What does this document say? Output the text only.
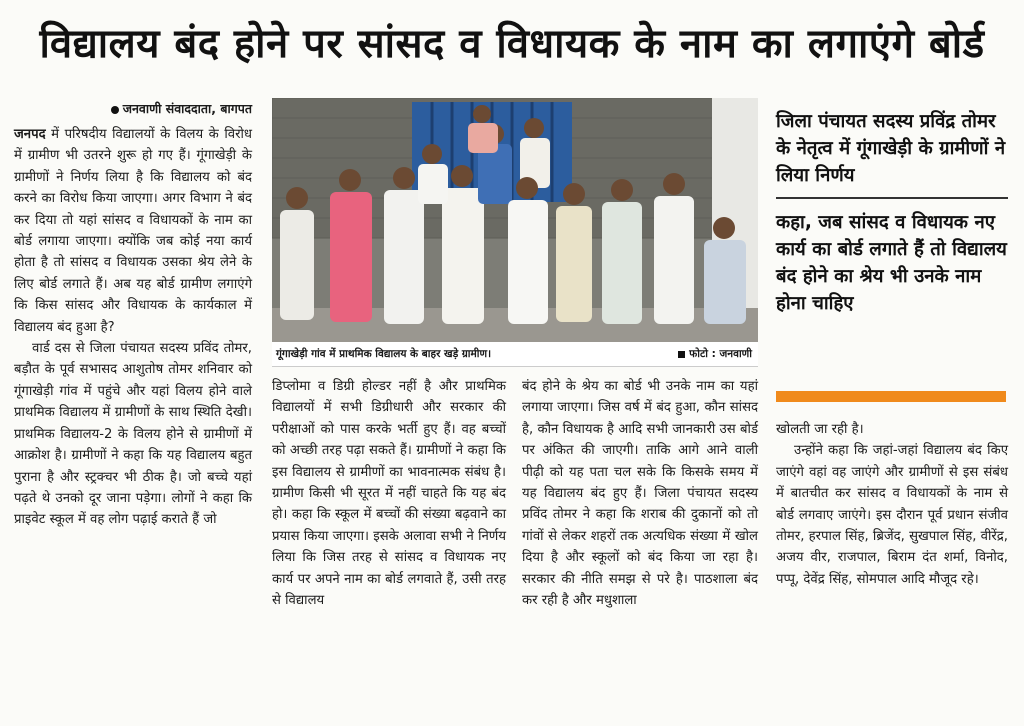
विद्यालय बंद होने पर सांसद व विधायक के नाम का लगाएंगे बोर्ड
जनवाणी संवाददाता, बागपत

जनपद में परिषदीय विद्यालयों के विलय के विरोध में ग्रामीण भी उतरने शुरू हो गए हैं। गूंगाखेड़ी के ग्रामीणों ने निर्णय लिया है कि विद्यालय को बंद करने का विरोध किया जाएगा। अगर विभाग ने बंद कर दिया तो यहां सांसद व विधायकों के नाम का बोर्ड लगाया जाएगा। क्योंकि जब कोई नया कार्य होता है तो सांसद व विधायक उसका श्रेय लेने के लिए बोर्ड लगाते हैं। अब यह बोर्ड ग्रामीण लगाएंगे कि किस सांसद और विधायक के कार्यकाल में विद्यालय बंद हुआ है?

वार्ड दस से जिला पंचायत सदस्य प्रविंद तोमर, बड़ौत के पूर्व सभासद आशुतोष तोमर शनिवार को गूंगाखेड़ी गांव में पहुंचे और यहां विलय होने वाले प्राथमिक विद्यालय में ग्रामीणों के साथ स्थिति देखी। प्राथमिक विद्यालय-2 के विलय होने से ग्रामीणों में आक्रोश है। ग्रामीणों ने कहा कि यह विद्यालय बहुत पुराना है और स्ट्रक्चर भी ठीक है। जो बच्चे यहां पढ़ते थे उनको दूर जाना पड़ेगा। लोगों ने कहा कि प्राइवेट स्कूल में वह लोग पढ़ाई कराते हैं जो

गूंगाखेड़ी गांव में प्राथमिक विद्यालय के बाहर खड़े ग्रामीण।	फोटो : जनवाणी

डिप्लोमा व डिग्री होल्डर नहीं है और प्राथमिक विद्यालयों में सभी डिग्रीधारी और सरकार की परीक्षाओं को पास करके भर्ती हुए हैं। वह बच्चों को अच्छी तरह पढ़ा सकते हैं। ग्रामीणों ने कहा कि इस विद्यालय से ग्रामीणों का भावनात्मक संबंध है। ग्रामीण किसी भी सूरत में नहीं चाहते कि यह बंद हो। कहा कि स्कूल में बच्चों की संख्या बढ़वाने का प्रयास किया जाएगा। इसके अलावा सभी ने निर्णय लिया कि जिस तरह से सांसद व विधायक नए कार्य पर अपने नाम का बोर्ड लगवाते हैं, उसी तरह से विद्यालय

बंद होने के श्रेय का बोर्ड भी उनके नाम का यहां लगाया जाएगा। जिस वर्ष में बंद हुआ, कौन सांसद है, कौन विधायक है आदि सभी जानकारी उस बोर्ड पर अंकित की जाएगी। ताकि आगे आने वाली पीढ़ी को यह पता चल सके कि किसके समय में यह विद्यालय बंद हुए हैं। जिला पंचायत सदस्य प्रविंद तोमर ने कहा कि शराब की दुकानों को तो गांवों से लेकर शहरों तक अत्यधिक संख्या में खोल दिया है और स्कूलों को बंद किया जा रहा है। सरकार की नीति समझ से परे है। पाठशाला बंद कर रही है और मधुशाला

जिला पंचायत सदस्य प्रविंद्र तोमर के नेतृत्व में गूंगाखेड़ी के ग्रामीणों ने लिया निर्णय
कहा, जब सांसद व विधायक नए कार्य का बोर्ड लगाते हैं तो विद्यालय बंद होने का श्रेय भी उनके नाम होना चाहिए

खोलती जा रही है।

उन्होंने कहा कि जहां-जहां विद्यालय बंद किए जाएंगे वहां वह जाएंगे और ग्रामीणों से इस संबंध में बातचीत कर सांसद व विधायकों के नाम से बोर्ड लगवाए जाएंगे। इस दौरान पूर्व प्रधान संजीव तोमर, हरपाल सिंह, ब्रिजेंद, सुखपाल सिंह, वीरेंद्र, अजय वीर, राजपाल, बिराम दंत शर्मा, विनोद, पप्पू, देवेंद्र सिंह, सोमपाल आदि मौजूद रहे।
